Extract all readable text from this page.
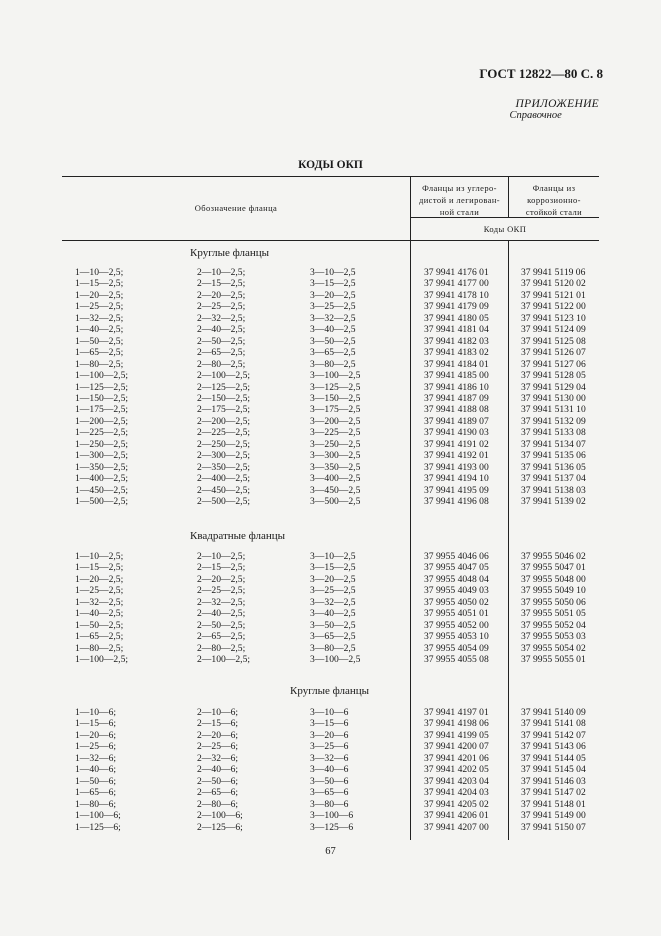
ГОСТ 12822—80 С. 8
ПРИЛОЖЕНИЕ
Справочное
КОДЫ ОКП
Обозначение фланца
Фланцы из углеро-
дистой и легирован-
ной стали
Фланцы из
коррозионно-
стойкой стали
Коды ОКП
Круглые фланцы
1—10—2,5;	2—10—2,5;	3—10—2,5	37 9941 4176 01	37 9941 5119 06
1—15—2,5;	2—15—2,5;	3—15—2,5	37 9941 4177 00	37 9941 5120 02
1—20—2,5;	2—20—2,5;	3—20—2,5	37 9941 4178 10	37 9941 5121 01
1—25—2,5;	2—25—2,5;	3—25—2,5	37 9941 4179 09	37 9941 5122 00
1—32—2,5;	2—32—2,5;	3—32—2,5	37 9941 4180 05	37 9941 5123 10
1—40—2,5;	2—40—2,5;	3—40—2,5	37 9941 4181 04	37 9941 5124 09
1—50—2,5;	2—50—2,5;	3—50—2,5	37 9941 4182 03	37 9941 5125 08
1—65—2,5;	2—65—2,5;	3—65—2,5	37 9941 4183 02	37 9941 5126 07
1—80—2,5;	2—80—2,5;	3—80—2,5	37 9941 4184 01	37 9941 5127 06
1—100—2,5;	2—100—2,5;	3—100—2,5	37 9941 4185 00	37 9941 5128 05
1—125—2,5;	2—125—2,5;	3—125—2,5	37 9941 4186 10	37 9941 5129 04
1—150—2,5;	2—150—2,5;	3—150—2,5	37 9941 4187 09	37 9941 5130 00
1—175—2,5;	2—175—2,5;	3—175—2,5	37 9941 4188 08	37 9941 5131 10
1—200—2,5;	2—200—2,5;	3—200—2,5	37 9941 4189 07	37 9941 5132 09
1—225—2,5;	2—225—2,5;	3—225—2,5	37 9941 4190 03	37 9941 5133 08
1—250—2,5;	2—250—2,5;	3—250—2,5	37 9941 4191 02	37 9941 5134 07
1—300—2,5;	2—300—2,5;	3—300—2,5	37 9941 4192 01	37 9941 5135 06
1—350—2,5;	2—350—2,5;	3—350—2,5	37 9941 4193 00	37 9941 5136 05
1—400—2,5;	2—400—2,5;	3—400—2,5	37 9941 4194 10	37 9941 5137 04
1—450—2,5;	2—450—2,5;	3—450—2,5	37 9941 4195 09	37 9941 5138 03
1—500—2,5;	2—500—2,5;	3—500—2,5	37 9941 4196 08	37 9941 5139 02
Квадратные фланцы
1—10—2,5;	2—10—2,5;	3—10—2,5	37 9955 4046 06	37 9955 5046 02
1—15—2,5;	2—15—2,5;	3—15—2,5	37 9955 4047 05	37 9955 5047 01
1—20—2,5;	2—20—2,5;	3—20—2,5	37 9955 4048 04	37 9955 5048 00
1—25—2,5;	2—25—2,5;	3—25—2,5	37 9955 4049 03	37 9955 5049 10
1—32—2,5;	2—32—2,5;	3—32—2,5	37 9955 4050 02	37 9955 5050 06
1—40—2,5;	2—40—2,5;	3—40—2,5	37 9955 4051 01	37 9955 5051 05
1—50—2,5;	2—50—2,5;	3—50—2,5	37 9955 4052 00	37 9955 5052 04
1—65—2,5;	2—65—2,5;	3—65—2,5	37 9955 4053 10	37 9955 5053 03
1—80—2,5;	2—80—2,5;	3—80—2,5	37 9955 4054 09	37 9955 5054 02
1—100—2,5;	2—100—2,5;	3—100—2,5	37 9955 4055 08	37 9955 5055 01
Круглые фланцы
1—10—6;	2—10—6;	3—10—6	37 9941 4197 01	37 9941 5140 09
1—15—6;	2—15—6;	3—15—6	37 9941 4198 06	37 9941 5141 08
1—20—6;	2—20—6;	3—20—6	37 9941 4199 05	37 9941 5142 07
1—25—6;	2—25—6;	3—25—6	37 9941 4200 07	37 9941 5143 06
1—32—6;	2—32—6;	3—32—6	37 9941 4201 06	37 9941 5144 05
1—40—6;	2—40—6;	3—40—6	37 9941 4202 05	37 9941 5145 04
1—50—6;	2—50—6;	3—50—6	37 9941 4203 04	37 9941 5146 03
1—65—6;	2—65—6;	3—65—6	37 9941 4204 03	37 9941 5147 02
1—80—6;	2—80—6;	3—80—6	37 9941 4205 02	37 9941 5148 01
1—100—6;	2—100—6;	3—100—6	37 9941 4206 01	37 9941 5149 00
1—125—6;	2—125—6;	3—125—6	37 9941 4207 00	37 9941 5150 07
67
